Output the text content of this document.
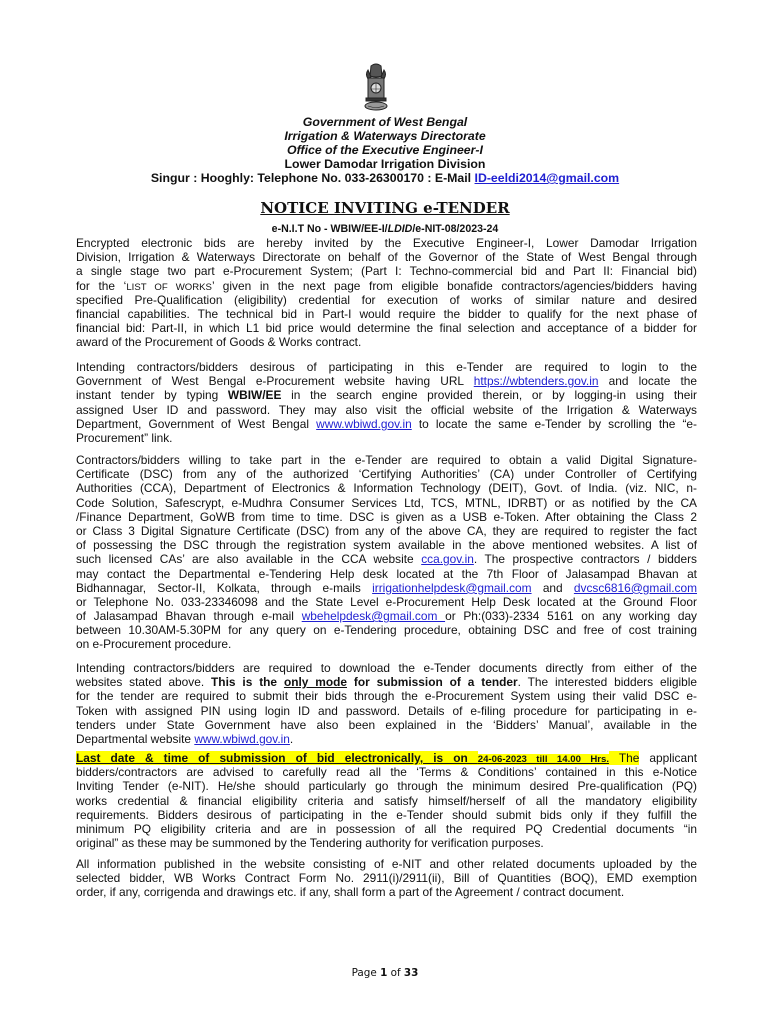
Government of West Bengal
Irrigation & Waterways Directorate
Office of the Executive Engineer-I
Lower Damodar Irrigation Division
Singur : Hooghly: Telephone No. 033-26300170 : E-Mail ID-eeldi2014@gmail.com
NOTICE INVITING e-TENDER
e-N.I.T No - WBIW/EE-I/LDID/e-NIT-08/2023-24
Encrypted electronic bids are hereby invited by the Executive Engineer-I, Lower Damodar Irrigation
Division, Irrigation & Waterways Directorate on behalf of the Governor of the State of West Bengal through
a single stage two part e-Procurement System; (Part I: Techno-commercial bid and Part II: Financial bid)
for the ‘LIST OF WORKS’ given in the next page from eligible bonafide contractors/agencies/bidders having
specified Pre-Qualification (eligibility) credential for execution of works of similar nature and desired
financial capabilities. The technical bid in Part-I would require the bidder to qualify for the next phase of
financial bid: Part-II, in which L1 bid price would determine the final selection and acceptance of a bidder for
award of the Procurement of Goods & Works contract.
Intending contractors/bidders desirous of participating in this e-Tender are required to login to the
Government of West Bengal e-Procurement website having URL https://wbtenders.gov.in and locate the
instant tender by typing WBIW/EE in the search engine provided therein, or by logging-in using their
assigned User ID and password. They may also visit the official website of the Irrigation & Waterways
Department, Government of West Bengal www.wbiwd.gov.in to locate the same e-Tender by scrolling the “e-
Procurement” link.
Contractors/bidders willing to take part in the e-Tender are required to obtain a valid Digital Signature-
Certificate (DSC) from any of the authorized ‘Certifying Authorities’ (CA) under Controller of Certifying
Authorities (CCA), Department of Electronics & Information Technology (DEIT), Govt. of India. (viz. NIC, n-
Code Solution, Safescrypt, e-Mudhra Consumer Services Ltd, TCS, MTNL, IDRBT) or as notified by the CA
/Finance Department, GoWB from time to time. DSC is given as a USB e-Token. After obtaining the Class 2
or Class 3 Digital Signature Certificate (DSC) from any of the above CA, they are required to register the fact
of possessing the DSC through the registration system available in the above mentioned websites. A list of
such licensed CAs’ are also available in the CCA website cca.gov.in. The prospective contractors / bidders
may contact the Departmental e-Tendering Help desk located at the 7th Floor of Jalasampad Bhavan at
Bidhannagar, Sector-II, Kolkata, through e-mails irrigationhelpdesk@gmail.com and dvcsc6816@gmail.com
or Telephone No. 033-23346098 and the State Level e-Procurement Help Desk located at the Ground Floor
of Jalasampad Bhavan through e-mail wbehelpdesk@gmail.com or Ph:(033)-2334 5161 on any working day
between 10.30AM-5.30PM for any query on e-Tendering procedure, obtaining DSC and free of cost training
on e-Procurement procedure.
Intending contractors/bidders are required to download the e-Tender documents directly from either of the
websites stated above. This is the only mode for submission of a tender. The interested bidders eligible
for the tender are required to submit their bids through the e-Procurement System using their valid DSC e-
Token with assigned PIN using login ID and password. Details of e-filing procedure for participating in e-
tenders under State Government have also been explained in the ‘Bidders’ Manual’, available in the
Departmental website www.wbiwd.gov.in.
Last date & time of submission of bid electronically, is on 24-06-2023 till 14.00 Hrs. The applicant
bidders/contractors are advised to carefully read all the ‘Terms & Conditions’ contained in this e-Notice
Inviting Tender (e-NIT). He/she should particularly go through the minimum desired Pre-qualification (PQ)
works credential & financial eligibility criteria and satisfy himself/herself of all the mandatory eligibility
requirements. Bidders desirous of participating in the e-Tender should submit bids only if they fulfill the
minimum PQ eligibility criteria and are in possession of all the required PQ Credential documents “in
original” as these may be summoned by the Tendering authority for verification purposes.
All information published in the website consisting of e-NIT and other related documents uploaded by the
selected bidder, WB Works Contract Form No. 2911(i)/2911(ii), Bill of Quantities (BOQ), EMD exemption
order, if any, corrigenda and drawings etc. if any, shall form a part of the Agreement / contract document.
Page 1 of 33
